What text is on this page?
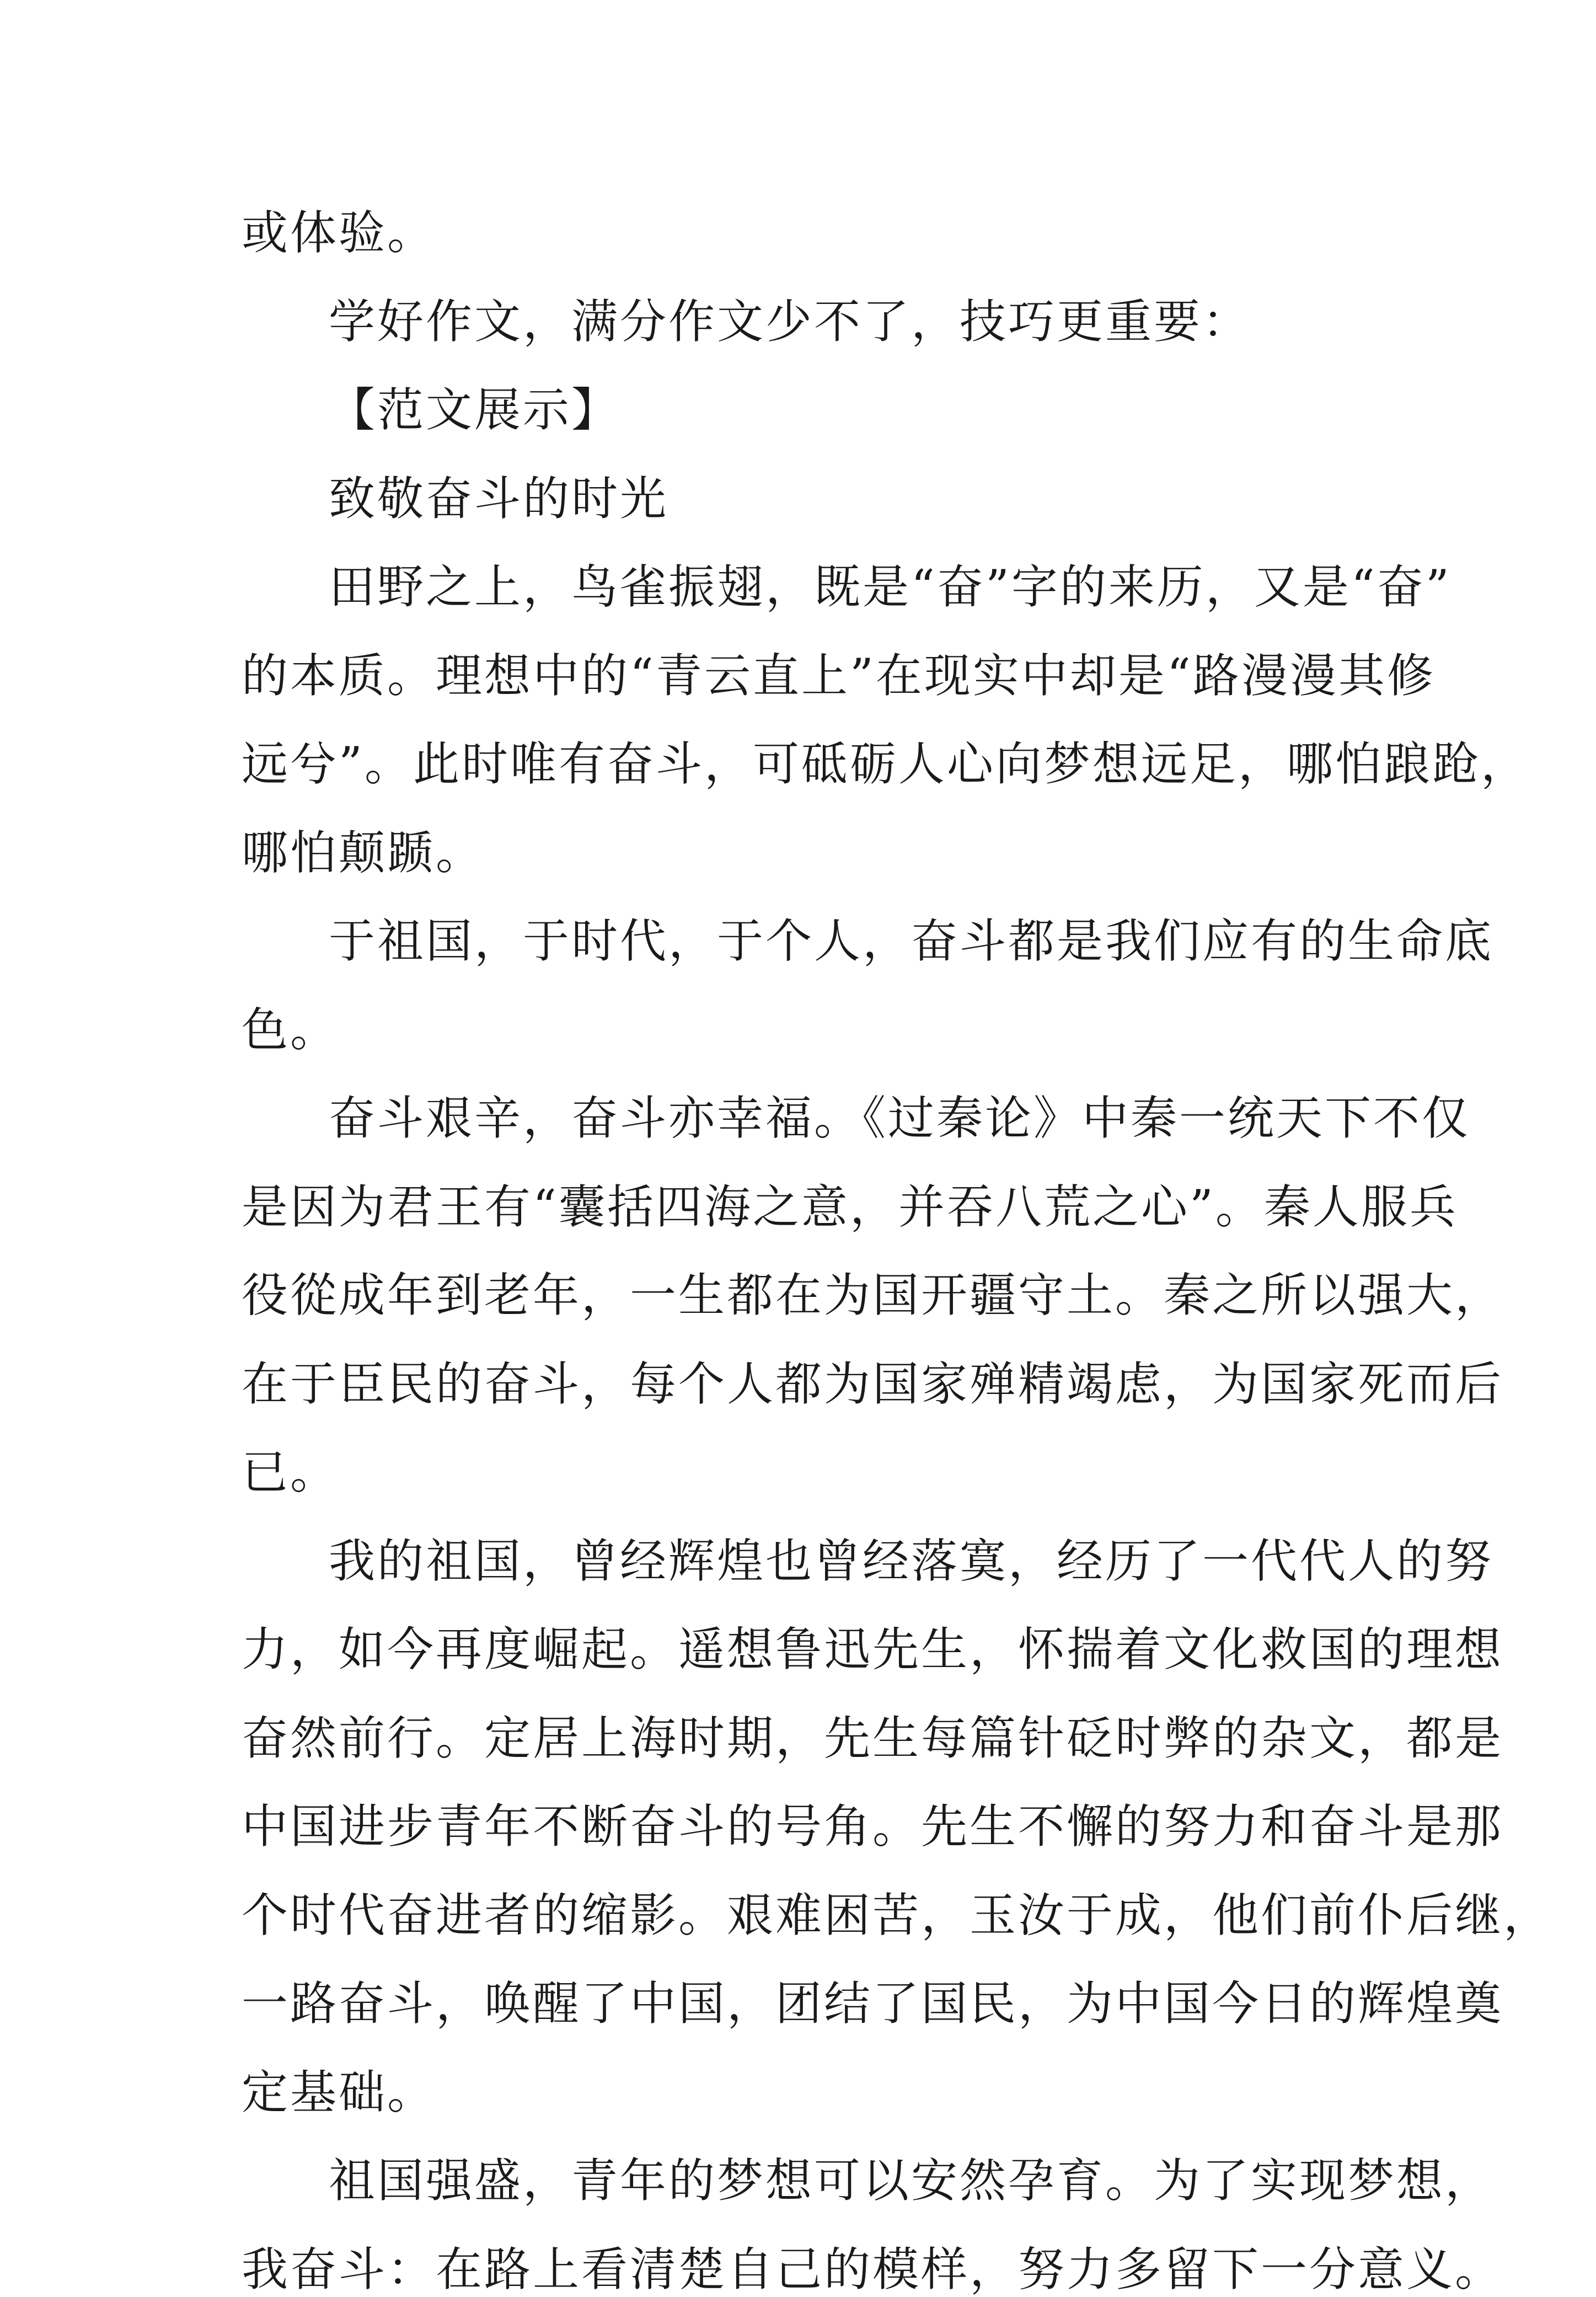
或体验。
学好作文，满分作文少不了，技巧更重要：
【范文展示】
致敬奋斗的时光
田野之上，鸟雀振翅，既是“奋”字的来历，又是“奋”
的本质。理想中的“青云直上”在现实中却是“路漫漫其修
远兮”。此时唯有奋斗，可砥砺人心向梦想远足，哪怕踉跄，
哪怕颠踬。
于祖国，于时代，于个人，奋斗都是我们应有的生命底
色。
奋斗艰辛，奋斗亦幸福。《过秦论》中秦一统天下不仅
是因为君王有“囊括四海之意，并吞八荒之心”。秦人服兵
役從成年到老年，一生都在为国开疆守土。秦之所以强大，
在于臣民的奋斗，每个人都为国家殚精竭虑，为国家死而后
已。
我的祖国，曾经辉煌也曾经落寞，经历了一代代人的努
力，如今再度崛起。遥想鲁迅先生，怀揣着文化救国的理想
奋然前行。定居上海时期，先生每篇针砭时弊的杂文，都是
中国进步青年不断奋斗的号角。先生不懈的努力和奋斗是那
个时代奋进者的缩影。艰难困苦，玉汝于成，他们前仆后继，
一路奋斗，唤醒了中国，团结了国民，为中国今日的辉煌奠
定基础。
祖国强盛，青年的梦想可以安然孕育。为了实现梦想，
我奋斗：在路上看清楚自己的模样，努力多留下一分意义。
